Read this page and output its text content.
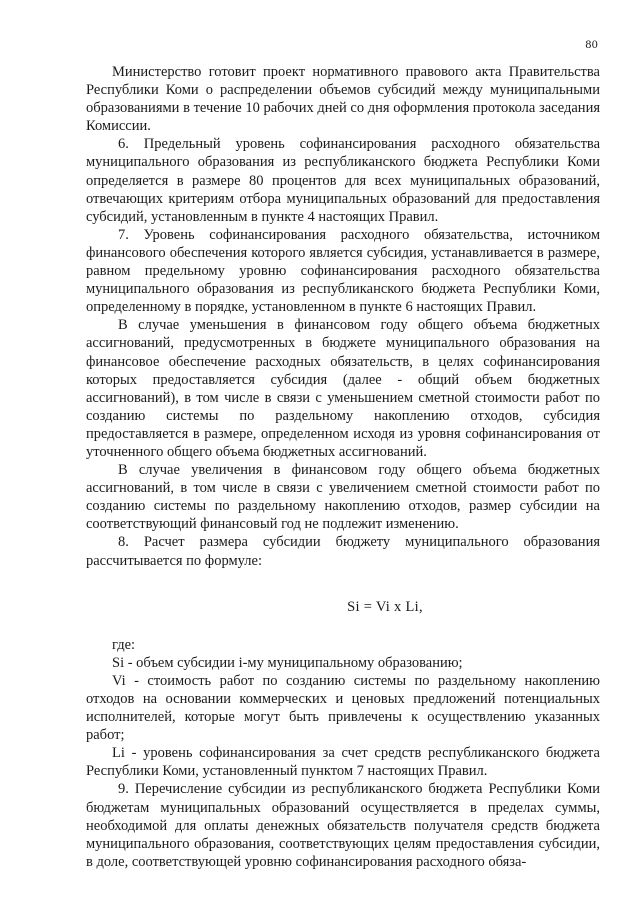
80

Министерство готовит проект нормативного правового акта Правительства Республики Коми о распределении объемов субсидий между муниципальными образованиями в течение 10 рабочих дней со дня оформления протокола заседания Комиссии.

6. Предельный уровень софинансирования расходного обязательства муниципального образования из республиканского бюджета Республики Коми определяется в размере 80 процентов для всех муниципальных образований, отвечающих критериям отбора муниципальных образований для предоставления субсидий, установленным в пункте 4 настоящих Правил.

7. Уровень софинансирования расходного обязательства, источником финансового обеспечения которого является субсидия, устанавливается в размере, равном предельному уровню софинансирования расходного обязательства муниципального образования из республиканского бюджета Республики Коми, определенному в порядке, установленном в пункте 6 настоящих Правил.

В случае уменьшения в финансовом году общего объема бюджетных ассигнований, предусмотренных в бюджете муниципального образования на финансовое обеспечение расходных обязательств, в целях софинансирования которых предоставляется субсидия (далее - общий объем бюджетных ассигнований), в том числе в связи с уменьшением сметной стоимости работ по созданию системы по раздельному накоплению отходов, субсидия предоставляется в размере, определенном исходя из уровня софинансирования от уточненного общего объема бюджетных ассигнований.

В случае увеличения в финансовом году общего объема бюджетных ассигнований, в том числе в связи с увеличением сметной стоимости работ по созданию системы по раздельному накоплению отходов, размер субсидии на соответствующий финансовый год не подлежит изменению.

8. Расчет размера субсидии бюджету муниципального образования рассчитывается по формуле:

Si = Vi x Li,

где:

Si - объем субсидии i-му муниципальному образованию;

Vi - стоимость работ по созданию системы по раздельному накоплению отходов на основании коммерческих и ценовых предложений потенциальных исполнителей, которые могут быть привлечены к осуществлению указанных работ;

Li - уровень софинансирования за счет средств республиканского бюджета Республики Коми, установленный пунктом 7 настоящих Правил.

9. Перечисление субсидии из республиканского бюджета Республики Коми бюджетам муниципальных образований осуществляется в пределах суммы, необходимой для оплаты денежных обязательств получателя средств бюджета муниципального образования, соответствующих целям предоставления субсидии, в доле, соответствующей уровню софинансирования расходного обяза-
